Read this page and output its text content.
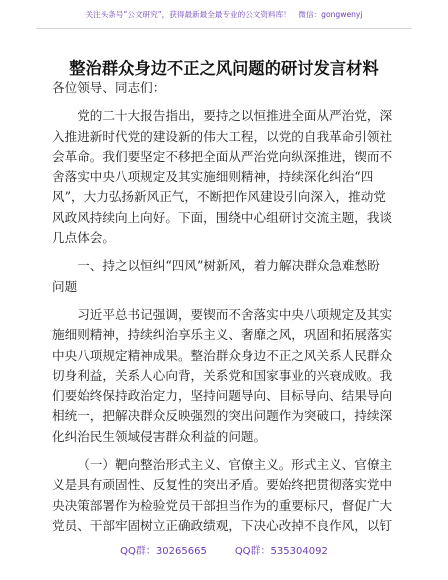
关注头条号“公文研究”，获得最新最全最专业的公文资料库！　微信：gongwenyj
整治群众身边不正之风问题的研讨发言材料
各位领导、同志们：
党的二十大报告指出，要持之以恒推进全面从严治党，深
入推进新时代党的建设新的伟大工程，以党的自我革命引领社
会革命。我们要坚定不移把全面从严治党向纵深推进，锲而不
舍落实中央八项规定及其实施细则精神，持续深化纠治“四
风”，大力弘扬新风正气，不断把作风建设引向深入，推动党
风政风持续向上向好。下面，围绕中心组研讨交流主题，我谈
几点体会。
一、持之以恒纠“四风”树新风，着力解决群众急难愁盼
问题
习近平总书记强调，要锲而不舍落实中央八项规定及其实
施细则精神，持续纠治享乐主义、奢靡之风，巩固和拓展落实
中央八项规定精神成果。整治群众身边不正之风关系人民群众
切身利益，关系人心向背，关系党和国家事业的兴衰成败。我
们要始终保持政治定力，坚持问题导向、目标导向、结果导向
相统一，把解决群众反映强烈的突出问题作为突破口，持续深
化纠治民生领域侵害群众利益的问题。
（一）靶向整治形式主义、官僚主义。形式主义、官僚主
义是具有顽固性、反复性的突出矛盾。要始终把贯彻落实党中
央决策部署作为检验党员干部担当作为的重要标尺，督促广大
党员、干部牢固树立正确政绩观，下决心改掉不良作风，以钉
QQ群：30265665	QQ群：535304092
